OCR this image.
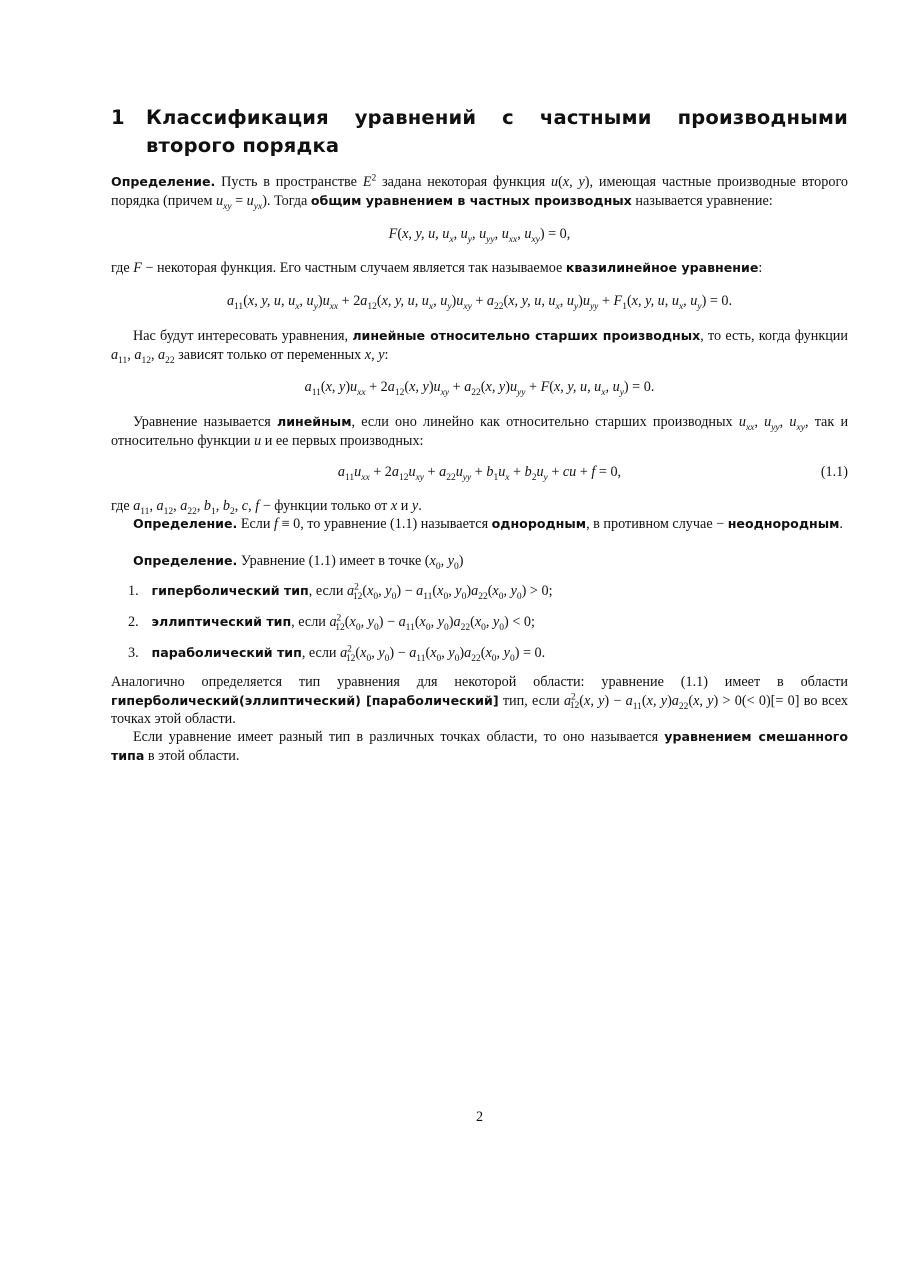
1 Классификация уравнений с частными производными второго порядка
Определение. Пусть в пространстве $E^2$ задана некоторая функция u(x, y), имеющая частные производные второго порядка (причем $u_{xy} = u_{yx}$). Тогда общим уравнением в частных производных называется уравнение:
F(x, y, u, $u_x$, $u_y$, $u_{yy}$, $u_{xx}$, $u_{xy}) = 0$,
где F − некоторая функция. Его частным случаем является так называемое квазилинейное уравнение:
$a_{11}(x$, y, u, $u_x$, $u_y)u_{xx} + 2a_{12}(x$, y, u, $u_x$, $u_y)u_{xy} + a_{22}(x$, y, u, $u_x$, $u_y)u_{yy} + F_1(x$, y, u, $u_x$, $u_y) = 0$.
Нас будут интересовать уравнения, линейные относительно старших производных, то есть, когда функции $a_{11}$, $a_{12}$, $a_{22}$ зависят только от переменных x, y:
$a_{11}(x$, $y)u_{xx} + 2a_{12}(x$, $y)u_{xy} + a_{22}(x$, $y)u_{yy} + F(x$, y, u, $u_x$, $u_y) = 0$.
Уравнение называется линейным, если оно линейно как относительно старших производных $u_{xx}$, $u_{yy}$, $u_{xy}$, так и относительно функции u и ее первых производных:
$a_{11}u_{xx} + 2a_{12}u_{xy} + a_{22}u_{yy} + b_1u_x + b_2u_y$ + cu + f = 0,	(1.1)
где $a_{11}$, $a_{12}$, $a_{22}$, $b_1$, $b_2$, c, f − функции только от x и y.
Определение. Если f ≡ 0, то уравнение (1.1) называется однородным, в противном случае − неоднородным.
Определение. Уравнение (1.1) имеет в точке ($x_0$, $y_0$)
1. гиперболический тип, если $a^2_{12}(x_0$, $y_0) - a_{11}(x_0$, $y_0)a_{22}(x_0$, $y_0) > 0$;
2. эллиптический тип, если $a^2_{12}(x_0$, $y_0) - a_{11}(x_0$, $y_0)a_{22}(x_0$, $y_0) < 0$;
3. параболический тип, если $a^2_{12}(x_0$, $y_0) - a_{11}(x_0$, $y_0)a_{22}(x_0$, $y_0) = 0$.
Аналогично определяется тип уравнения для некоторой области: уравнение (1.1) имеет в области гиперболический(эллиптический) [параболический] тип, если $a^2_{12}(x$, $y) - a_{11}(x$, $y)a_{22}(x$, y) > 0(< 0)[= 0] во всех точках этой области.
Если уравнение имеет разный тип в различных точках области, то оно называется уравнением смешанного типа в этой области.
2
